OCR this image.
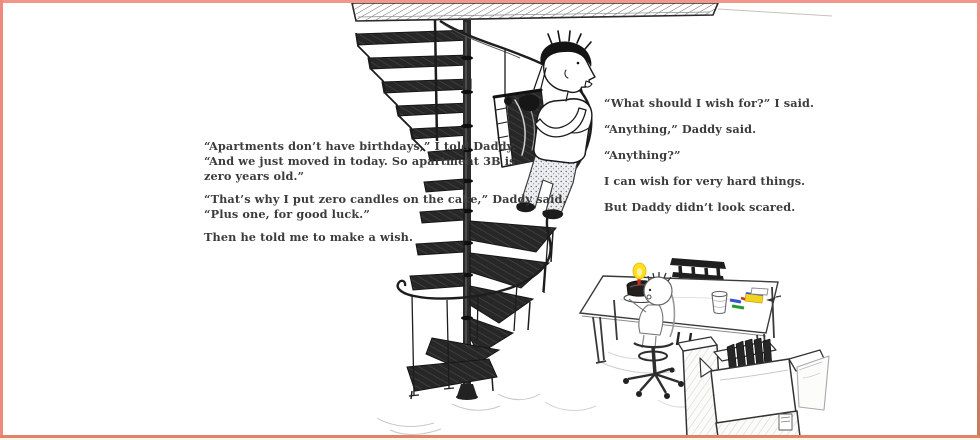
“Apartments don’t have birthdays,” I told Daddy.
“And we just moved in today. So apartment 3B is
zero years old.”
“That’s why I put zero candles on the cake,” Daddy said.
“Plus one, for good luck.”
Then he told me to make a wish.
“What should I wish for?” I said.
“Anything,” Daddy said.
“Anything?”
I can wish for very hard things.
But Daddy didn’t look scared.
